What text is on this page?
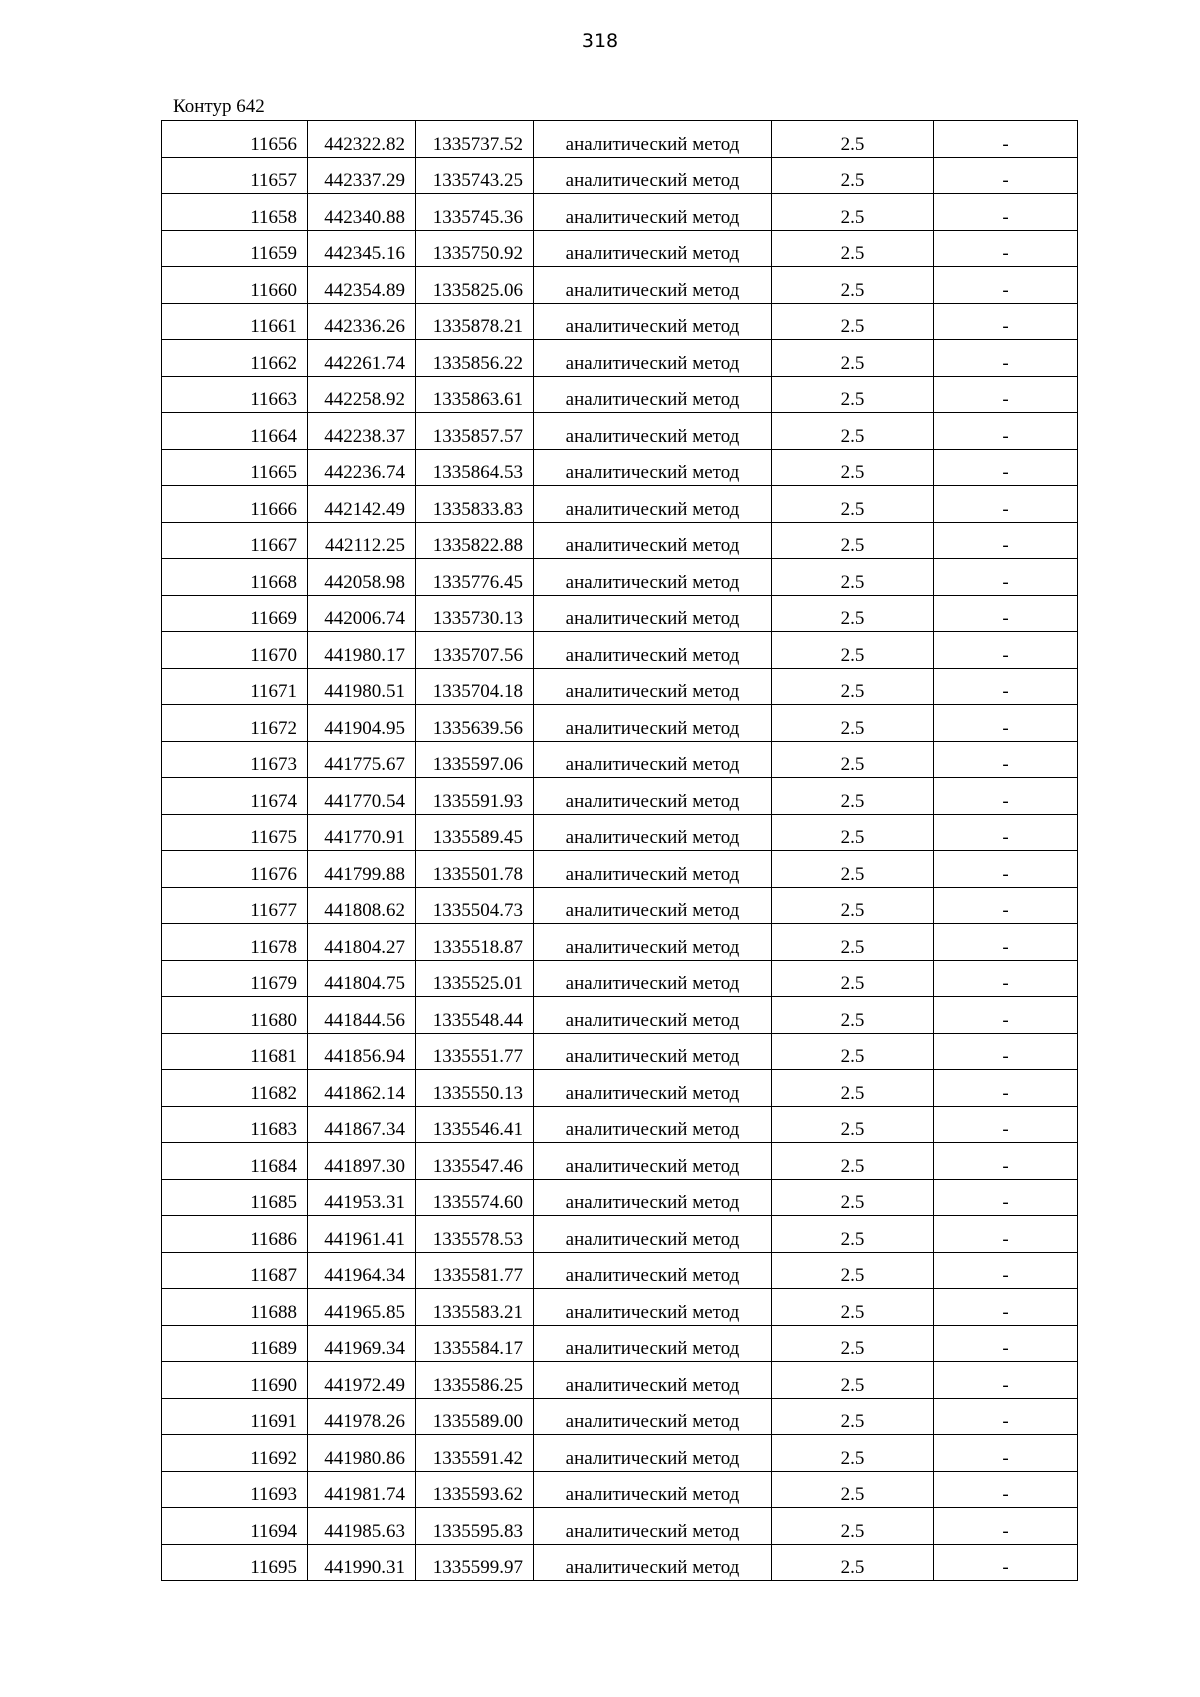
318
Контур 642
11656	442322.82	1335737.52	аналитический метод	2.5	-
11657	442337.29	1335743.25	аналитический метод	2.5	-
11658	442340.88	1335745.36	аналитический метод	2.5	-
11659	442345.16	1335750.92	аналитический метод	2.5	-
11660	442354.89	1335825.06	аналитический метод	2.5	-
11661	442336.26	1335878.21	аналитический метод	2.5	-
11662	442261.74	1335856.22	аналитический метод	2.5	-
11663	442258.92	1335863.61	аналитический метод	2.5	-
11664	442238.37	1335857.57	аналитический метод	2.5	-
11665	442236.74	1335864.53	аналитический метод	2.5	-
11666	442142.49	1335833.83	аналитический метод	2.5	-
11667	442112.25	1335822.88	аналитический метод	2.5	-
11668	442058.98	1335776.45	аналитический метод	2.5	-
11669	442006.74	1335730.13	аналитический метод	2.5	-
11670	441980.17	1335707.56	аналитический метод	2.5	-
11671	441980.51	1335704.18	аналитический метод	2.5	-
11672	441904.95	1335639.56	аналитический метод	2.5	-
11673	441775.67	1335597.06	аналитический метод	2.5	-
11674	441770.54	1335591.93	аналитический метод	2.5	-
11675	441770.91	1335589.45	аналитический метод	2.5	-
11676	441799.88	1335501.78	аналитический метод	2.5	-
11677	441808.62	1335504.73	аналитический метод	2.5	-
11678	441804.27	1335518.87	аналитический метод	2.5	-
11679	441804.75	1335525.01	аналитический метод	2.5	-
11680	441844.56	1335548.44	аналитический метод	2.5	-
11681	441856.94	1335551.77	аналитический метод	2.5	-
11682	441862.14	1335550.13	аналитический метод	2.5	-
11683	441867.34	1335546.41	аналитический метод	2.5	-
11684	441897.30	1335547.46	аналитический метод	2.5	-
11685	441953.31	1335574.60	аналитический метод	2.5	-
11686	441961.41	1335578.53	аналитический метод	2.5	-
11687	441964.34	1335581.77	аналитический метод	2.5	-
11688	441965.85	1335583.21	аналитический метод	2.5	-
11689	441969.34	1335584.17	аналитический метод	2.5	-
11690	441972.49	1335586.25	аналитический метод	2.5	-
11691	441978.26	1335589.00	аналитический метод	2.5	-
11692	441980.86	1335591.42	аналитический метод	2.5	-
11693	441981.74	1335593.62	аналитический метод	2.5	-
11694	441985.63	1335595.83	аналитический метод	2.5	-
11695	441990.31	1335599.97	аналитический метод	2.5	-
